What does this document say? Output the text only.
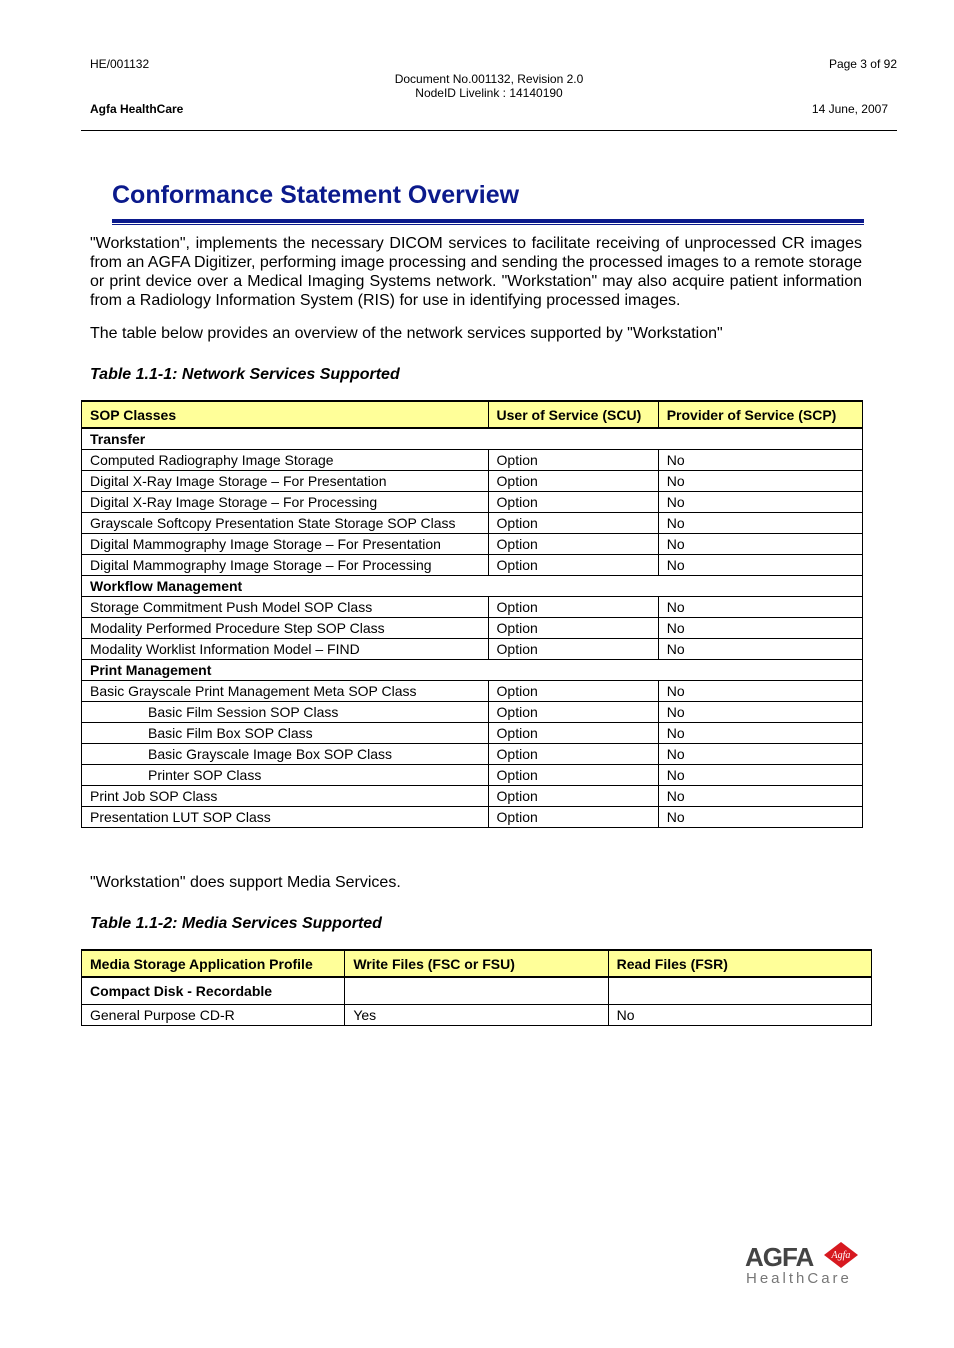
HE/001132
Agfa HealthCare
Document No.001132, Revision 2.0
NodeID Livelink : 14140190
Page 3 of 92
14 June, 2007
Conformance Statement Overview
"Workstation", implements the necessary DICOM services to facilitate receiving of unprocessed CR images from an AGFA Digitizer, performing image processing and sending the processed images to a remote storage or print device over a Medical Imaging Systems network. "Workstation" may also acquire patient information from a Radiology Information System (RIS) for use in identifying processed images.
The table below provides an overview of the network services supported by "Workstation"
Table 1.1-1: Network Services Supported
SOP Classes	User of Service (SCU)	Provider of Service (SCP)
Transfer		
Computed Radiography Image Storage	Option	No
Digital X-Ray Image Storage – For Presentation	Option	No
Digital X-Ray Image Storage – For Processing	Option	No
Grayscale Softcopy Presentation State Storage SOP Class	Option	No
Digital Mammography Image Storage – For Presentation	Option	No
Digital Mammography Image Storage – For Processing	Option	No
Workflow Management		
Storage Commitment Push Model SOP Class	Option	No
Modality Performed Procedure Step SOP Class	Option	No
Modality Worklist Information Model – FIND	Option	No
Print Management		
Basic Grayscale Print Management Meta SOP Class	Option	No
Basic Film Session SOP Class	Option	No
Basic Film Box SOP Class	Option	No
Basic Grayscale Image Box SOP Class	Option	No
Printer SOP Class	Option	No
Print Job SOP Class	Option	No
Presentation LUT SOP Class	Option	No
"Workstation" does support Media Services.
Table 1.1-2: Media Services Supported
Media Storage Application Profile	Write Files (FSC or FSU)	Read Files (FSR)
Compact Disk - Recordable		
General Purpose CD-R	Yes	No
AGFA Agfa
HealthCare
